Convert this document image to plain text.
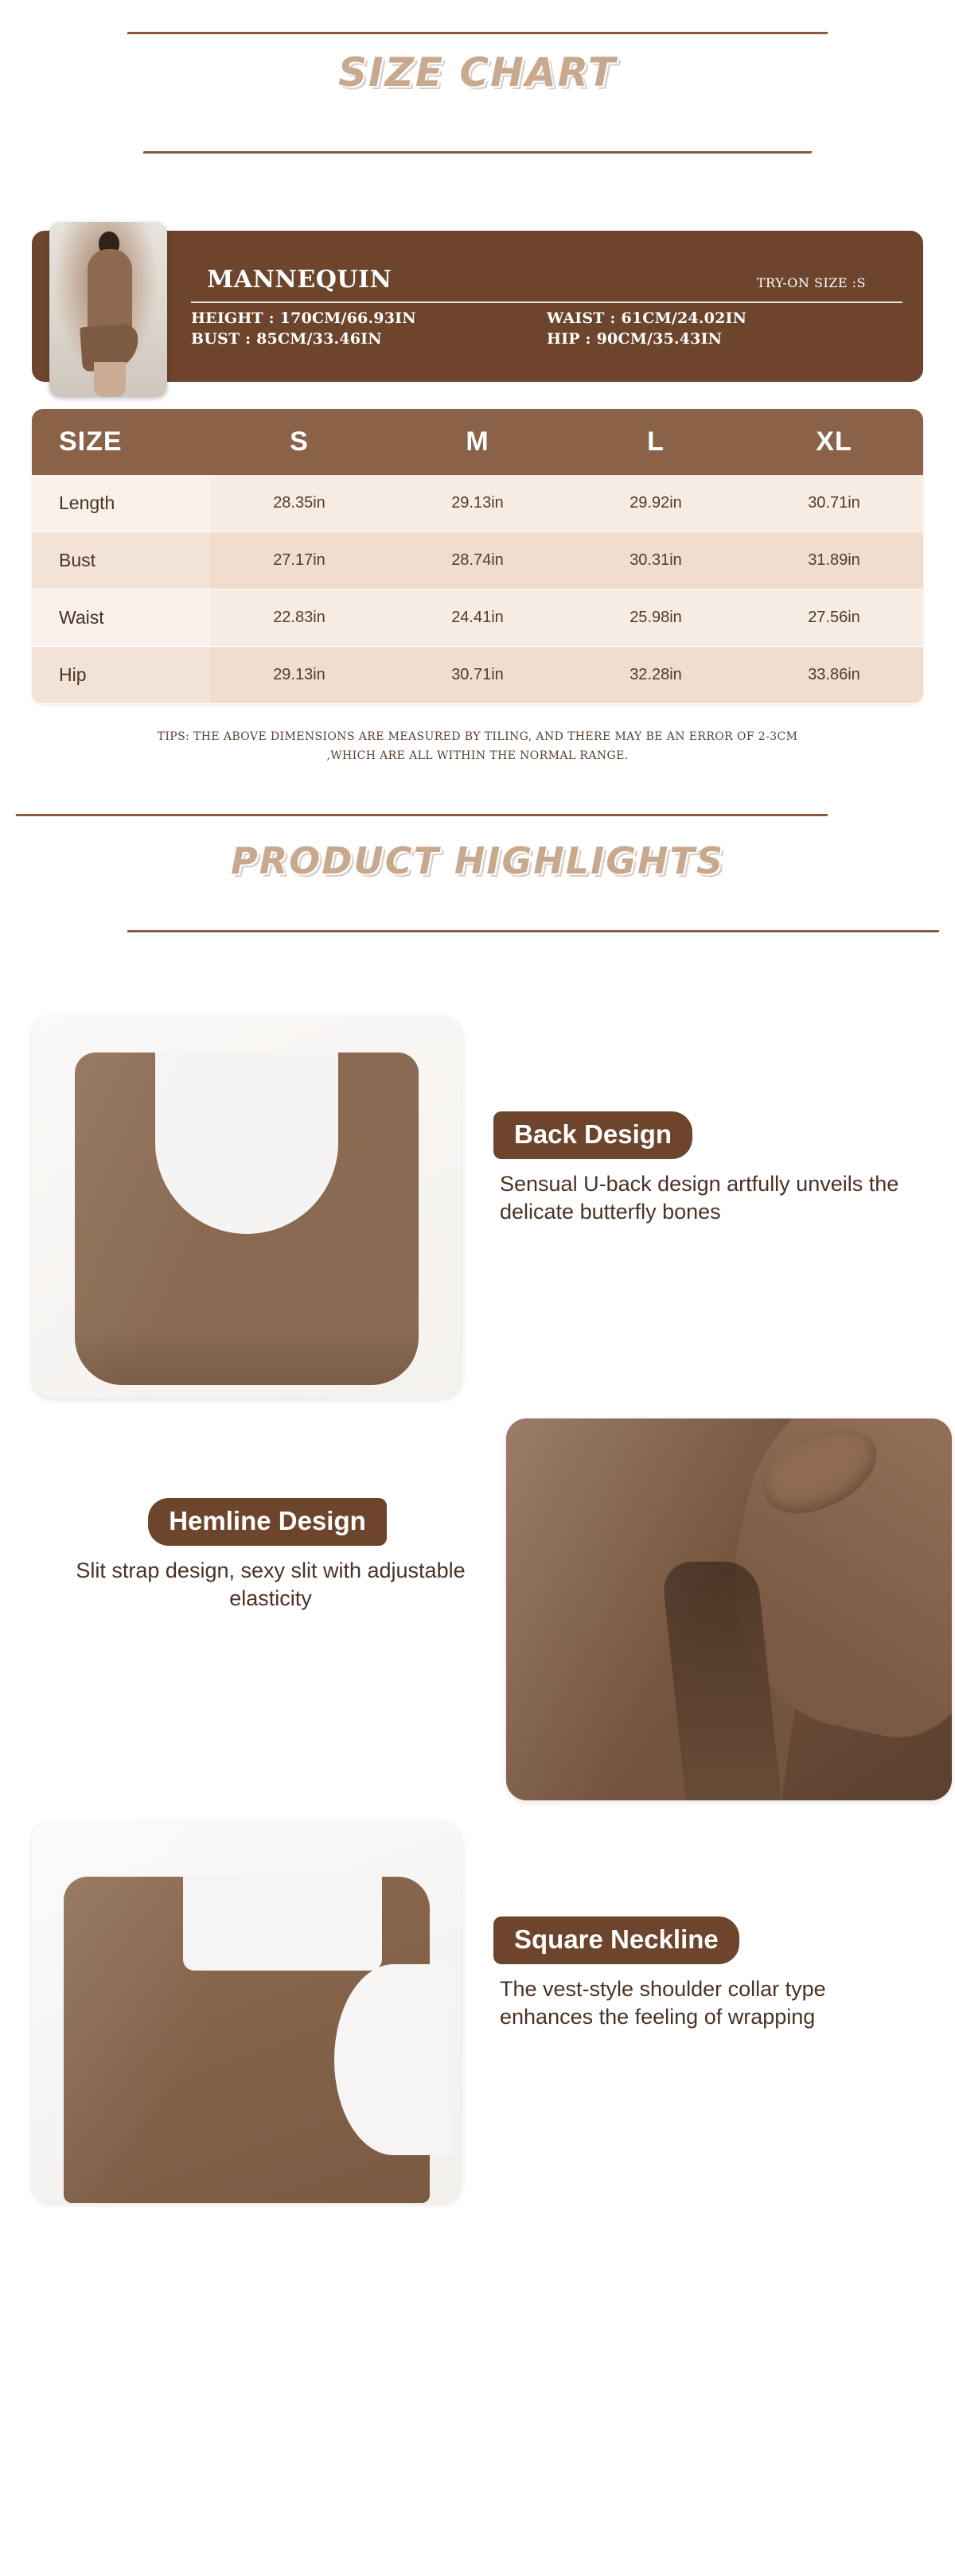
SIZE CHART
MANNEQUIN	TRY-ON SIZE :S
HEIGHT : 170CM/66.93IN	WAIST : 61CM/24.02IN
BUST : 85CM/33.46IN	HIP : 90CM/35.43IN
SIZE	S	M	L	XL
Length	28.35in	29.13in	29.92in	30.71in
Bust	27.17in	28.74in	30.31in	31.89in
Waist	22.83in	24.41in	25.98in	27.56in
Hip	29.13in	30.71in	32.28in	33.86in
TIPS: THE ABOVE DIMENSIONS ARE MEASURED BY TILING, AND THERE MAY BE AN ERROR OF 2-3CM
,WHICH ARE ALL WITHIN THE NORMAL RANGE.
PRODUCT HIGHLIGHTS
Back Design
Sensual U-back design artfully unveils the delicate butterfly bones
Hemline Design
Slit strap design, sexy slit with adjustable elasticity
Square Neckline
The vest-style shoulder collar type enhances the feeling of wrapping
